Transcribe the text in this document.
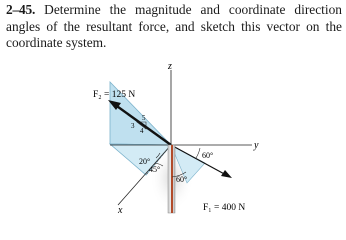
2–45. Determine the magnitude and coordinate direction angles of the resultant force, and sketch this vector on the coordinate system.
z
y
x
F₂ = 125 N
F₁ = 400 N
3
4
5
20°
45°
60°
60°
